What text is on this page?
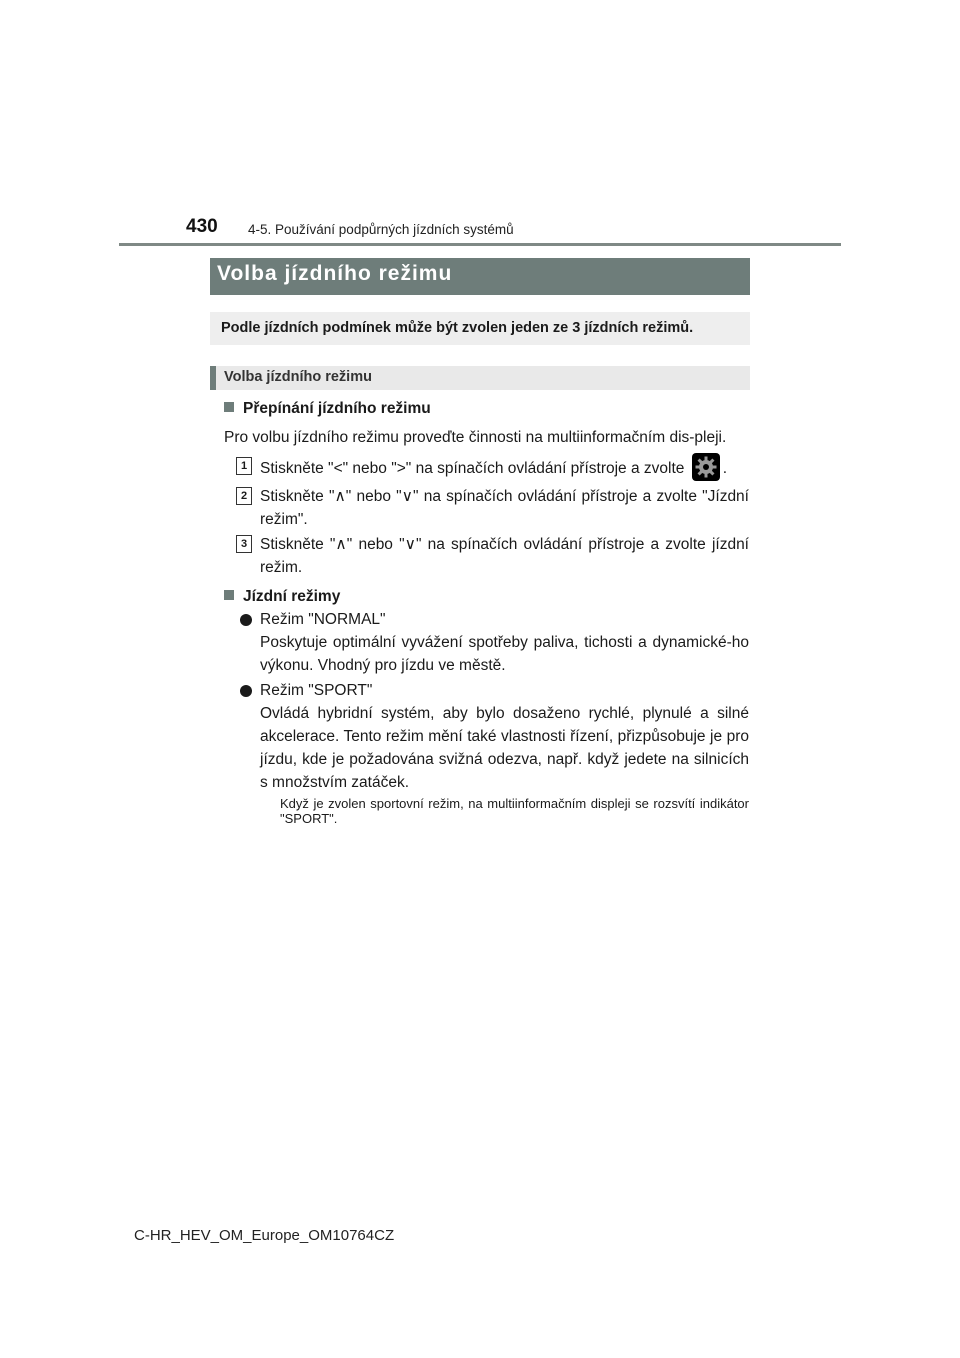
430 4-5. Používání podpůrných jízdních systémů
Volba jízdního režimu
Podle jízdních podmínek může být zvolen jeden ze 3 jízdních režimů.
Volba jízdního režimu
Přepínání jízdního režimu
Pro volbu jízdního režimu proveďte činnosti na multiinformačním dis-pleji.
1 Stiskněte "<" nebo ">" na spínačích ovládání přístroje a zvolte .
2 Stiskněte "∧" nebo "∨" na spínačích ovládání přístroje a zvolte "Jízdní režim".
3 Stiskněte "∧" nebo "∨" na spínačích ovládání přístroje a zvolte jízdní režim.
Jízdní režimy
Režim "NORMAL"
Poskytuje optimální vyvážení spotřeby paliva, tichosti a dynamické-ho výkonu. Vhodný pro jízdu ve městě.
Režim "SPORT"
Ovládá hybridní systém, aby bylo dosaženo rychlé, plynulé a silné akcelerace. Tento režim mění také vlastnosti řízení, přizpůsobuje je pro jízdu, kde je požadována svižná odezva, např. když jedete na silnicích s množstvím zatáček.
Když je zvolen sportovní režim, na multiinformačním displeji se rozsvítí indikátor "SPORT".
C-HR_HEV_OM_Europe_OM10764CZ
